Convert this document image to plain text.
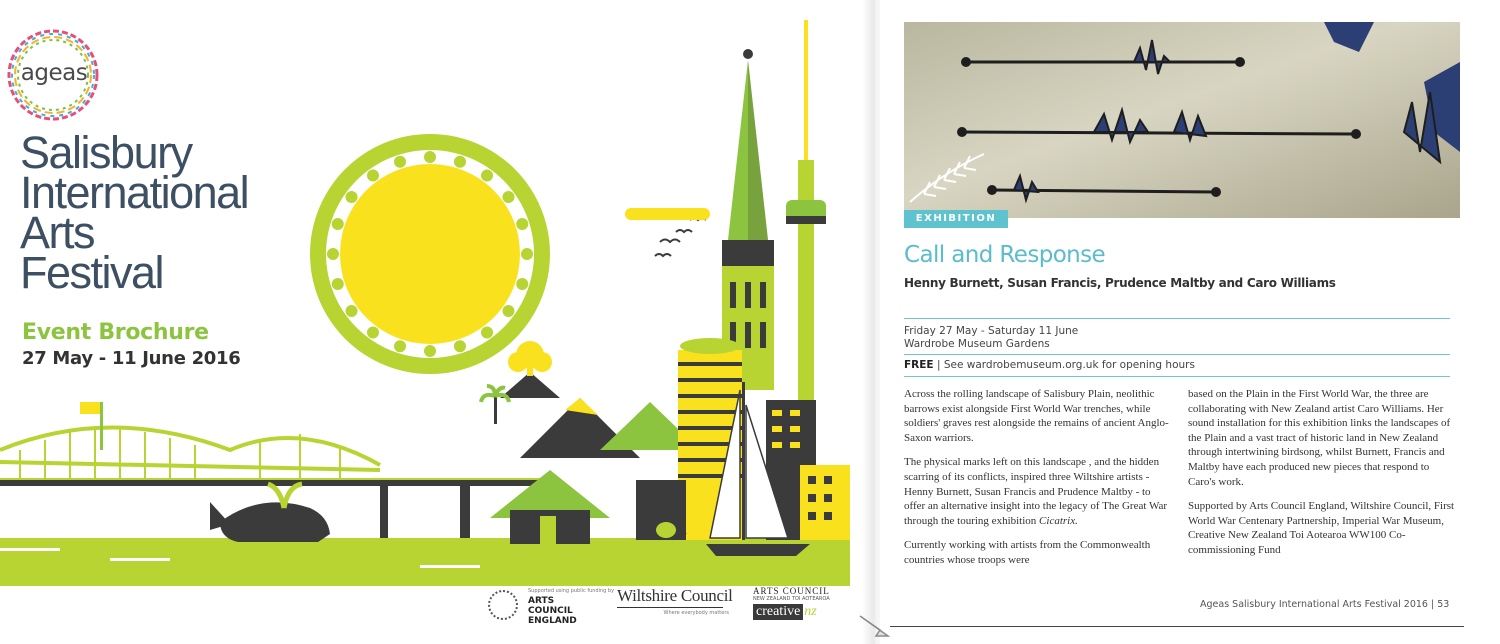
ageas
Salisbury
International
Arts
Festival
Event Brochure
27 May - 11 June 2016
Supported using public funding by
ARTS COUNCIL ENGLAND
Wiltshire Council
Where everybody matters
ARTS COUNCIL
NEW ZEALAND TOI AOTEAROA
creative nz
EXHIBITION
Call and Response
Henny Burnett, Susan Francis, Prudence Maltby and Caro Williams
Friday 27 May - Saturday 11 June
Wardrobe Museum Gardens
FREE | See wardrobemuseum.org.uk for opening hours

Across the rolling landscape of Salisbury Plain, neolithic barrows exist alongside First World War trenches, while soldiers' graves rest alongside the remains of ancient Anglo-Saxon warriors.

The physical marks left on this landscape , and the hidden scarring of its conflicts, inspired three Wiltshire artists - Henny Burnett, Susan Francis and Prudence Maltby - to offer an alternative insight into the legacy of The Great War through the touring exhibition Cicatrix.

Currently working with artists from the Commonwealth countries whose troops were

based on the Plain in the First World War, the three are collaborating with New Zealand artist Caro Williams. Her sound installation for this exhibition links the landscapes of the Plain and a vast tract of historic land in New Zealand through intertwining birdsong, whilst Burnett, Francis and Maltby have each produced new pieces that respond to Caro's work.

Supported by Arts Council England, Wiltshire Council, First World War Centenary Partnership, Imperial War Museum, Creative New Zealand Toi Aotearoa WW100 Co-commissioning Fund

Ageas Salisbury International Arts Festival 2016 | 53
